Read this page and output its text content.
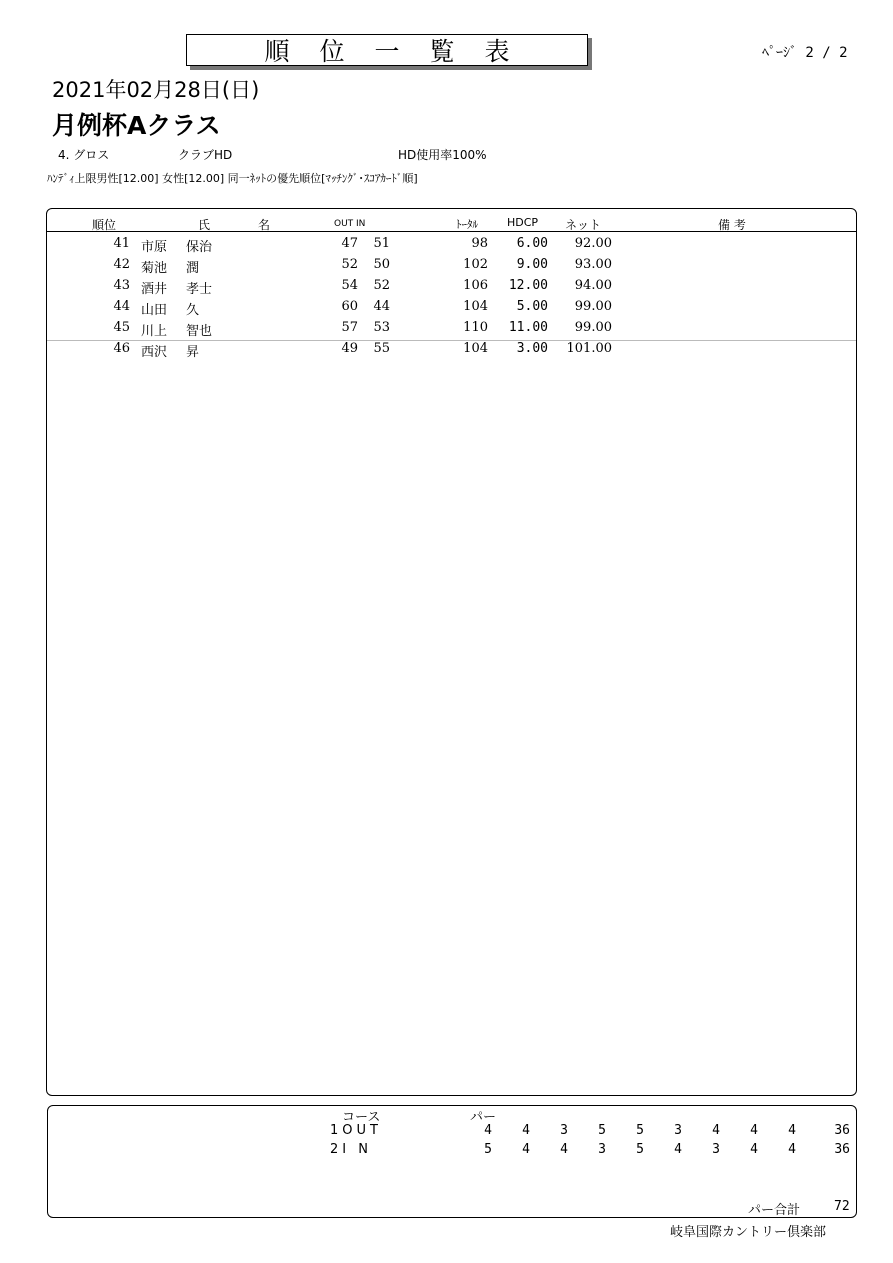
順 位 一 覧 表	ﾍﾟｰｼﾞ 2 / 2
2021年02月28日(日)
月例杯Aクラス
4. グロス	クラブHD	HD使用率100%
ﾊﾝﾃﾞｨ上限男性[12.00] 女性[12.00] 同一ﾈｯﾄの優先順位[ﾏｯﾁﾝｸﾞ･ｽｺｱｶｰﾄﾞ順]
順位	氏	名	OUT IN	ﾄｰﾀﾙ	HDCP ネット	備 考
41 市原	保治	47	51	98	6.00	92.00
42 菊池	潤	52	50	102	9.00	93.00
43 酒井	孝士	54	52	106	12.00	94.00
44 山田	久	60	44	104	5.00	99.00
45 川上	智也	57	53	110	11.00	99.00
46 西沢	昇	49	55	104	3.00	101.00
コース	パー
1OUT	4	4	3	5	5	3	4	4	4	36
2I N	5	4	4	3	5	4	3	4	4	36
パー合計	72
岐阜国際カントリー倶楽部
